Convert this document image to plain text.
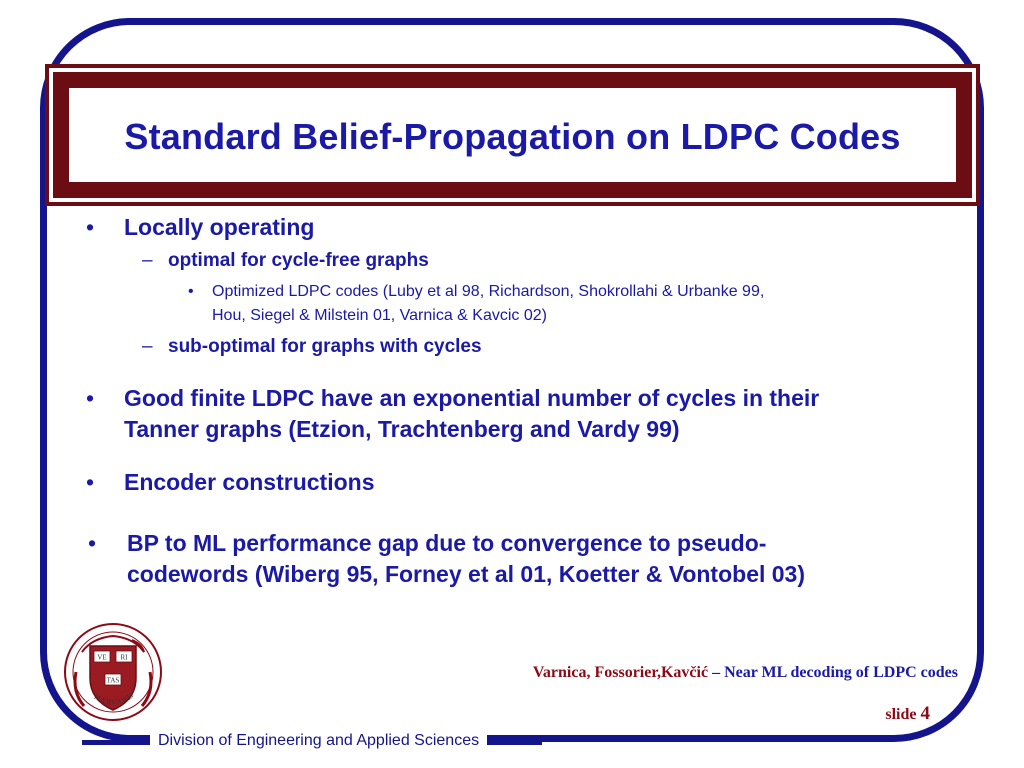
Standard Belief-Propagation on LDPC Codes
• Locally operating
– optimal for cycle-free graphs
• Optimized LDPC codes (Luby et al 98, Richardson, Shokrollahi & Urbanke 99,
Hou, Siegel & Milstein 01, Varnica & Kavcic 02)
– sub-optimal for graphs with cycles
• Good finite LDPC have an exponential number of cycles in their
Tanner graphs (Etzion, Trachtenberg and Vardy 99)
• Encoder constructions
• BP to ML performance gap due to convergence to pseudo-
codewords (Wiberg 95, Forney et al 01, Koetter & Vontobel 03)
VE RI
TAS
HARVARD
Varnica, Fossorier,Kavčić – Near ML decoding of LDPC codes
slide 4
Division of Engineering and Applied Sciences
